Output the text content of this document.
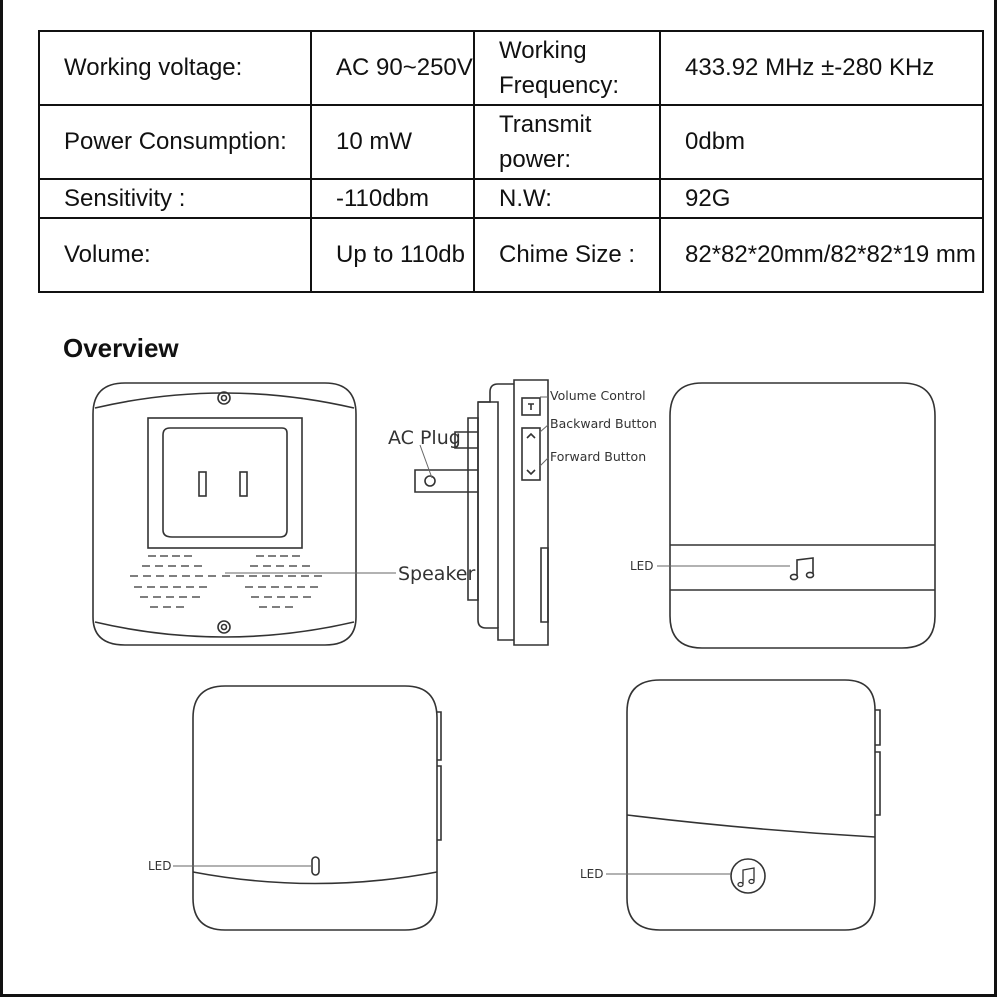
Working voltage:	AC 90~250V	Working Frequency:	433.92 MHz ±-280 KHz
Power Consumption:	10 mW	Transmit power:	0dbm
Sensitivity :	-110dbm	N.W:	92G
Volume:	Up to 110db	Chime Size :	82*82*20mm/82*82*19 mm
Overview
AC Plug
Speaker
Volume Control
Backward Button
Forward Button
LED
LED
LED
